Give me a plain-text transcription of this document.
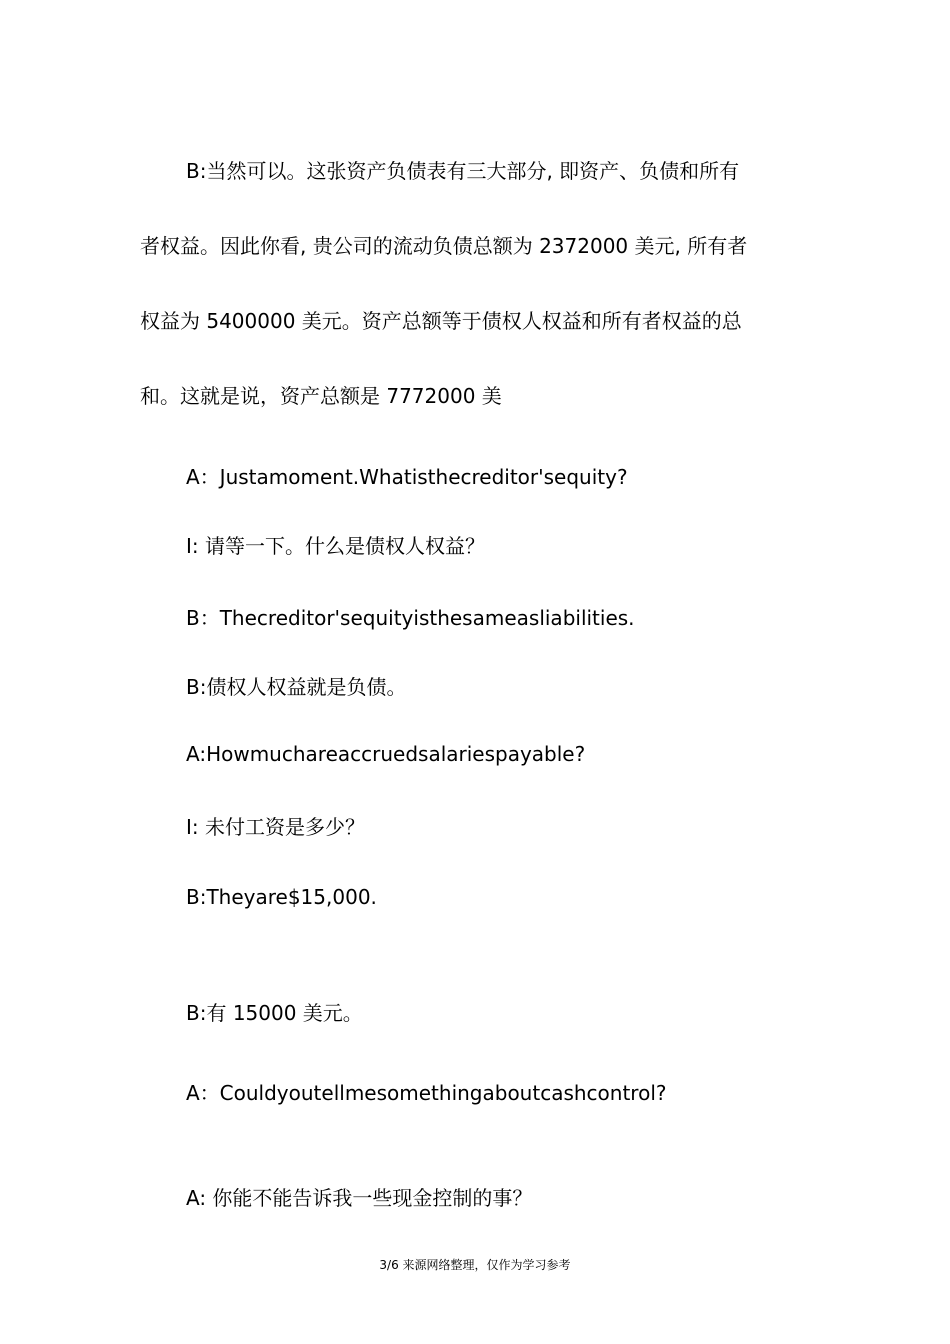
B:当然可以。这张资产负债表有三大部分, 即资产、负债和所有
者权益。因此你看, 贵公司的流动负债总额为 2372000 美元, 所有者
权益为 5400000 美元。资产总额等于债权人权益和所有者权益的总
和。这就是说，资产总额是 7772000 美
A：Justamoment.Whatisthecreditor'sequity?
I: 请等一下。什么是债权人权益？
B：Thecreditor'sequityisthesameasliabilities.
B:债权人权益就是负债。
A:Howmuchareaccruedsalariespayable?
I: 未付工资是多少？
B:Theyare$15,000.
B:有 15000 美元。
A：Couldyoutellmesomethingaboutcashcontrol?
A: 你能不能告诉我一些现金控制的事？
3/6 来源网络整理，仅作为学习参考
